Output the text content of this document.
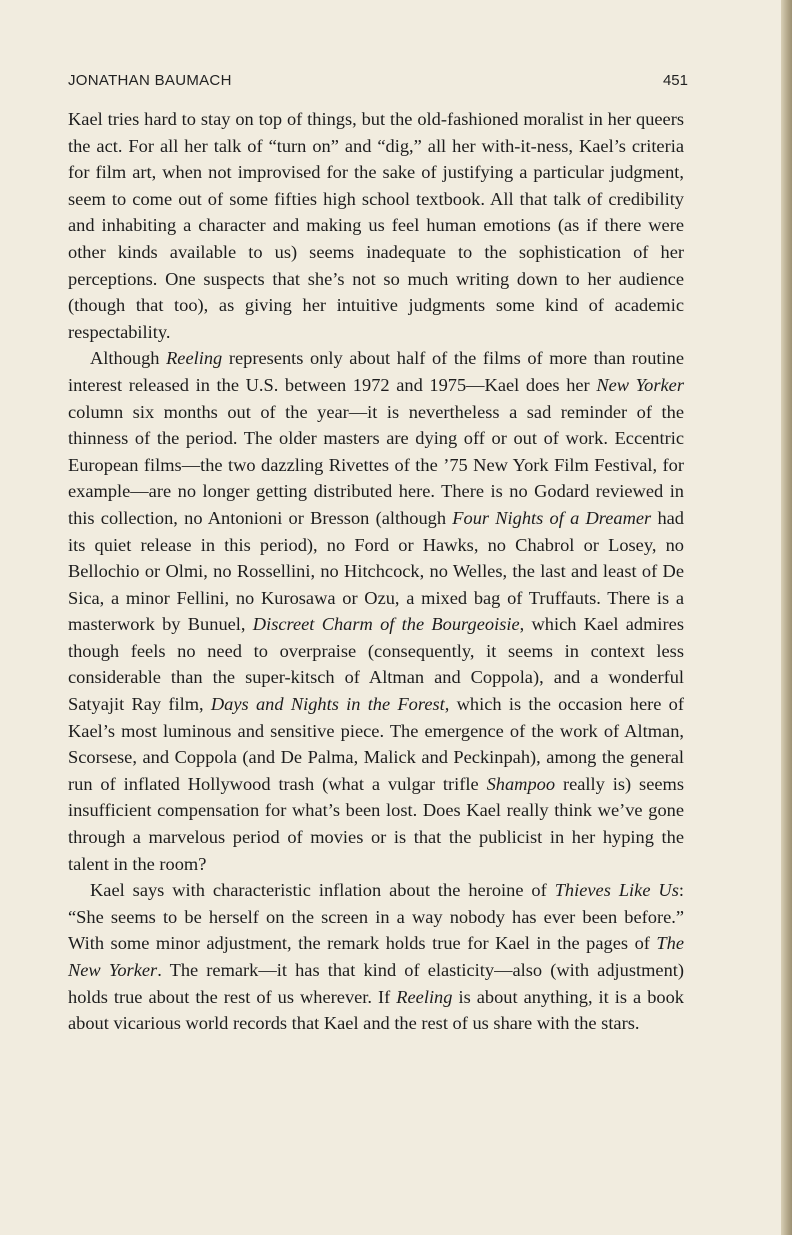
JONATHAN BAUMACH	451

Kael tries hard to stay on top of things, but the old-fashioned moralist in her queers the act. For all her talk of “turn on” and “dig,” all her with-it-ness, Kael’s criteria for film art, when not improvised for the sake of justifying a particular judgment, seem to come out of some fifties high school textbook. All that talk of credibility and inhabiting a character and making us feel human emotions (as if there were other kinds available to us) seems inadequate to the sophistication of her perceptions. One suspects that she’s not so much writing down to her audience (though that too), as giving her intuitive judgments some kind of academic respectability.

Although Reeling represents only about half of the films of more than routine interest released in the U.S. between 1972 and 1975—Kael does her New Yorker column six months out of the year—it is nevertheless a sad reminder of the thinness of the period. The older masters are dying off or out of work. Eccentric European films—the two dazzling Rivettes of the ’75 New York Film Festival, for example—are no longer getting distributed here. There is no Godard reviewed in this collection, no Antonioni or Bresson (although Four Nights of a Dreamer had its quiet release in this period), no Ford or Hawks, no Chabrol or Losey, no Bellochio or Olmi, no Rossellini, no Hitchcock, no Welles, the last and least of De Sica, a minor Fellini, no Kurosawa or Ozu, a mixed bag of Truffauts. There is a masterwork by Bunuel, Discreet Charm of the Bourgeoisie, which Kael admires though feels no need to overpraise (consequently, it seems in context less considerable than the super-kitsch of Altman and Coppola), and a wonderful Satyajit Ray film, Days and Nights in the Forest, which is the occasion here of Kael’s most luminous and sensitive piece. The emergence of the work of Altman, Scorsese, and Coppola (and De Palma, Malick and Peckinpah), among the general run of inflated Hollywood trash (what a vulgar trifle Shampoo really is) seems insufficient compensation for what’s been lost. Does Kael really think we’ve gone through a marvelous period of movies or is that the publicist in her hyping the talent in the room?

Kael says with characteristic inflation about the heroine of Thieves Like Us: “She seems to be herself on the screen in a way nobody has ever been before.” With some minor adjustment, the remark holds true for Kael in the pages of The New Yorker. The remark—it has that kind of elasticity—also (with adjustment) holds true about the rest of us wherever. If Reeling is about anything, it is a book about vicarious world records that Kael and the rest of us share with the stars.
